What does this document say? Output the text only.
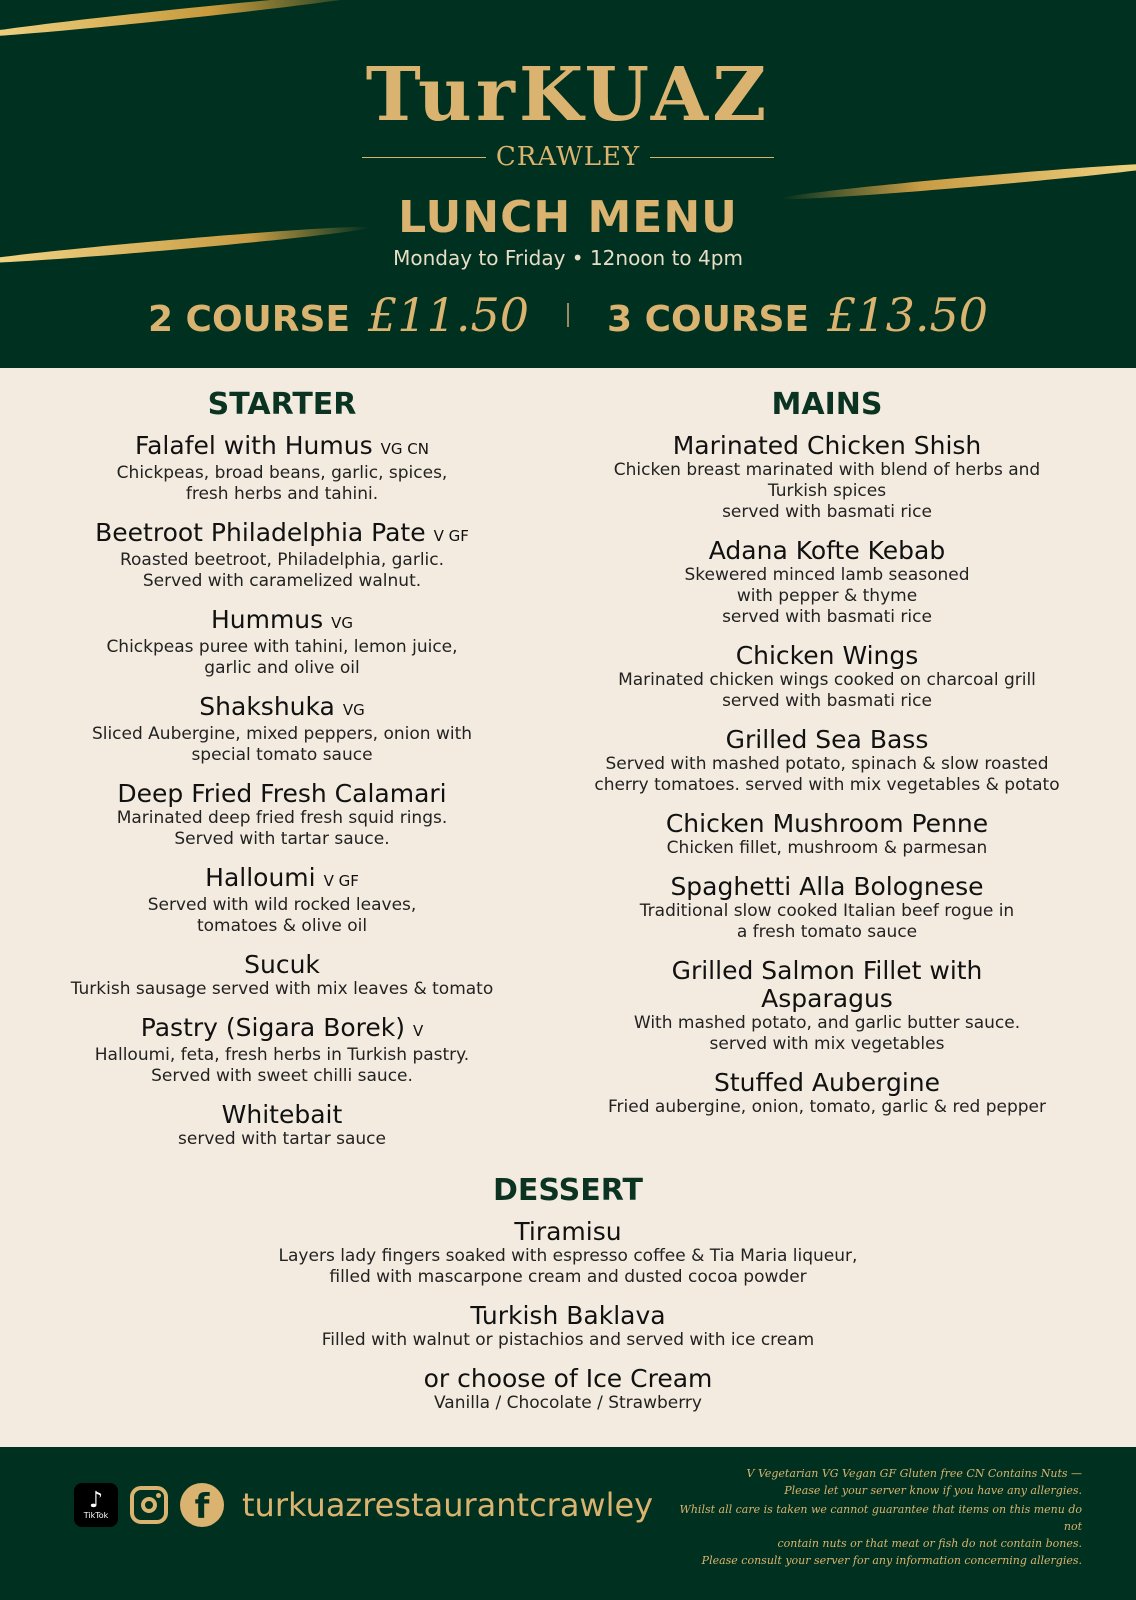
TurKUAZ
CRAWLEY
LUNCH MENU
Monday to Friday • 12noon to 4pm
2 COURSE £11.50 3 COURSE £13.50
STARTER
Falafel with Humus VG CN
Chickpeas, broad beans, garlic, spices,
fresh herbs and tahini.
Beetroot Philadelphia Pate V GF
Roasted beetroot, Philadelphia, garlic.
Served with caramelized walnut.
Hummus VG
Chickpeas puree with tahini, lemon juice,
garlic and olive oil
Shakshuka VG
Sliced Aubergine, mixed peppers, onion with
special tomato sauce
Deep Fried Fresh Calamari
Marinated deep fried fresh squid rings.
Served with tartar sauce.
Halloumi V GF
Served with wild rocked leaves,
tomatoes & olive oil
Sucuk
Turkish sausage served with mix leaves & tomato
Pastry (Sigara Borek) V
Halloumi, feta, fresh herbs in Turkish pastry.
Served with sweet chilli sauce.
Whitebait
served with tartar sauce
MAINS
Marinated Chicken Shish
Chicken breast marinated with blend of herbs and
Turkish spices
served with basmati rice
Adana Kofte Kebab
Skewered minced lamb seasoned
with pepper & thyme
served with basmati rice
Chicken Wings
Marinated chicken wings cooked on charcoal grill
served with basmati rice
Grilled Sea Bass
Served with mashed potato, spinach & slow roasted
cherry tomatoes. served with mix vegetables & potato
Chicken Mushroom Penne
Chicken fillet, mushroom & parmesan
Spaghetti Alla Bolognese
Traditional slow cooked Italian beef rogue in
a fresh tomato sauce
Grilled Salmon Fillet with
Asparagus
With mashed potato, and garlic butter sauce.
served with mix vegetables
Stuffed Aubergine
Fried aubergine, onion, tomato, garlic & red pepper
DESSERT
Tiramisu
Layers lady fingers soaked with espresso coffee & Tia Maria liqueur,
filled with mascarpone cream and dusted cocoa powder
Turkish Baklava
Filled with walnut or pistachios and served with ice cream
or choose of Ice Cream
Vanilla / Chocolate / Strawberry
♪
TikTok	f	turkuazrestaurantcrawley

V Vegetarian VG Vegan GF Gluten free CN Contains Nuts —
Please let your server know if you have any allergies.

Whilst all care is taken we cannot guarantee that items on this menu do not
contain nuts or that meat or fish do not contain bones.
Please consult your server for any information concerning allergies.
